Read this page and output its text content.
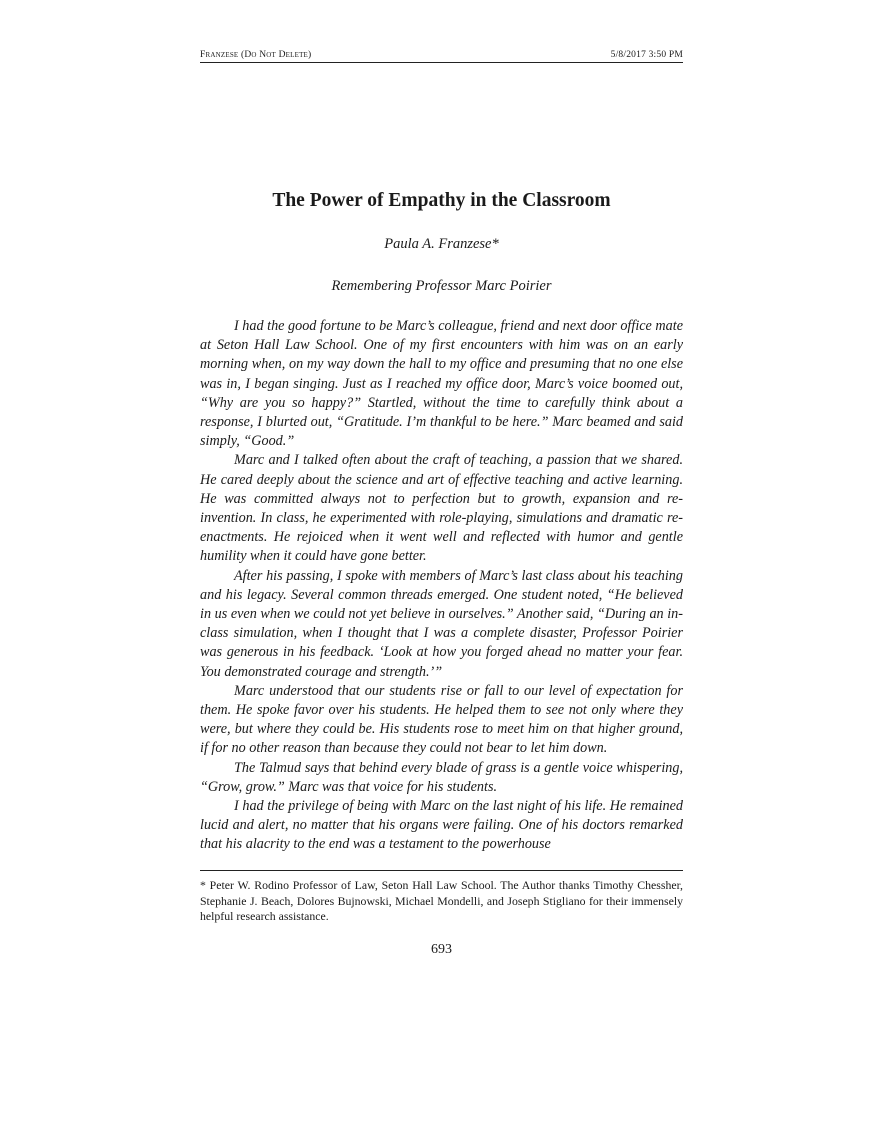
Franzese (Do Not Delete)	5/8/2017 3:50 PM
The Power of Empathy in the Classroom
Paula A. Franzese*
Remembering Professor Marc Poirier

I had the good fortune to be Marc’s colleague, friend and next door office mate at Seton Hall Law School. One of my first encounters with him was on an early morning when, on my way down the hall to my office and presuming that no one else was in, I began singing. Just as I reached my office door, Marc’s voice boomed out, “Why are you so happy?” Startled, without the time to carefully think about a response, I blurted out, “Gratitude. I’m thankful to be here.” Marc beamed and said simply, “Good.”

Marc and I talked often about the craft of teaching, a passion that we shared. He cared deeply about the science and art of effective teaching and active learning. He was committed always not to perfection but to growth, expansion and re-invention. In class, he experimented with role-playing, simulations and dramatic re-enactments. He rejoiced when it went well and reflected with humor and gentle humility when it could have gone better.

After his passing, I spoke with members of Marc’s last class about his teaching and his legacy. Several common threads emerged. One student noted, “He believed in us even when we could not yet believe in ourselves.” Another said, “During an in-class simulation, when I thought that I was a complete disaster, Professor Poirier was generous in his feedback. ‘Look at how you forged ahead no matter your fear. You demonstrated courage and strength.’”

Marc understood that our students rise or fall to our level of expectation for them. He spoke favor over his students. He helped them to see not only where they were, but where they could be. His students rose to meet him on that higher ground, if for no other reason than because they could not bear to let him down.

The Talmud says that behind every blade of grass is a gentle voice whispering, “Grow, grow.” Marc was that voice for his students.

I had the privilege of being with Marc on the last night of his life. He remained lucid and alert, no matter that his organs were failing. One of his doctors remarked that his alacrity to the end was a testament to the powerhouse

* Peter W. Rodino Professor of Law, Seton Hall Law School. The Author thanks Timothy Chessher, Stephanie J. Beach, Dolores Bujnowski, Michael Mondelli, and Joseph Stigliano for their immensely helpful research assistance.
693
